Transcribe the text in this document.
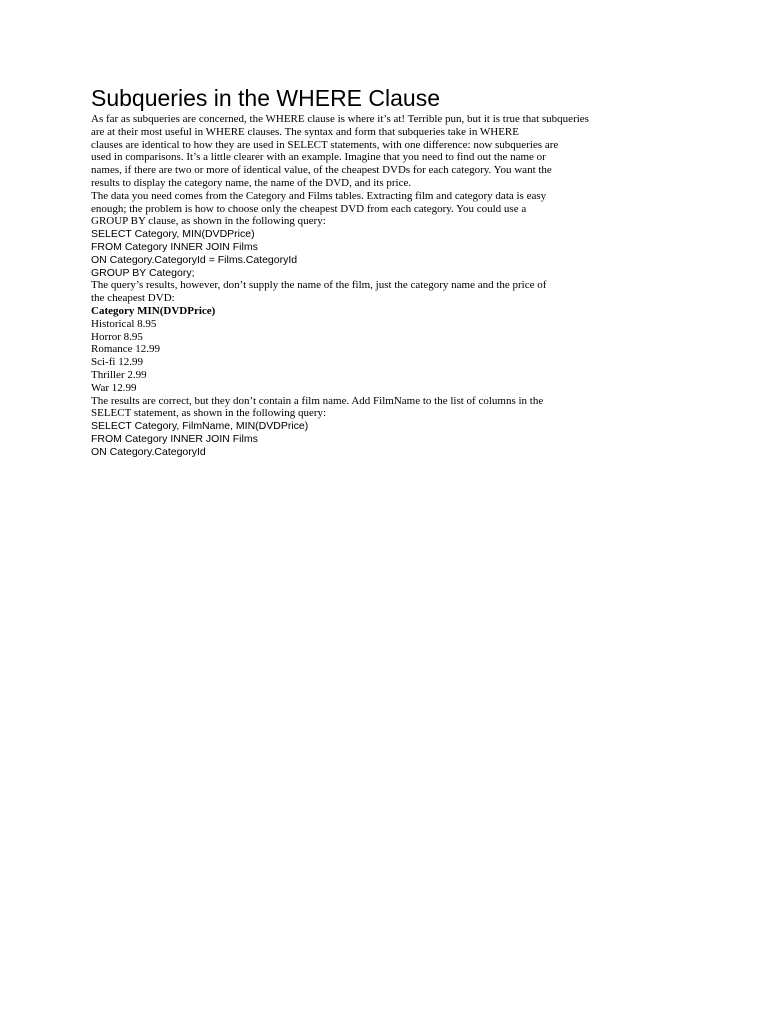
Subqueries in the WHERE Clause
As far as subqueries are concerned, the WHERE clause is where it’s at! Terrible pun, but it is true that subqueries
are at their most useful in WHERE clauses. The syntax and form that subqueries take in WHERE
clauses are identical to how they are used in SELECT statements, with one difference: now subqueries are
used in comparisons. It’s a little clearer with an example. Imagine that you need to find out the name or
names, if there are two or more of identical value, of the cheapest DVDs for each category. You want the
results to display the category name, the name of the DVD, and its price.
The data you need comes from the Category and Films tables. Extracting film and category data is easy
enough; the problem is how to choose only the cheapest DVD from each category. You could use a
GROUP BY clause, as shown in the following query:
SELECT Category, MIN(DVDPrice)
FROM Category INNER JOIN Films
ON Category.CategoryId = Films.CategoryId
GROUP BY Category;
The query’s results, however, don’t supply the name of the film, just the category name and the price of
the cheapest DVD:
Category MIN(DVDPrice)
Historical 8.95
Horror 8.95
Romance 12.99
Sci-fi 12.99
Thriller 2.99
War 12.99
The results are correct, but they don’t contain a film name. Add FilmName to the list of columns in the
SELECT statement, as shown in the following query:
SELECT Category, FilmName, MIN(DVDPrice)
FROM Category INNER JOIN Films
ON Category.CategoryId
